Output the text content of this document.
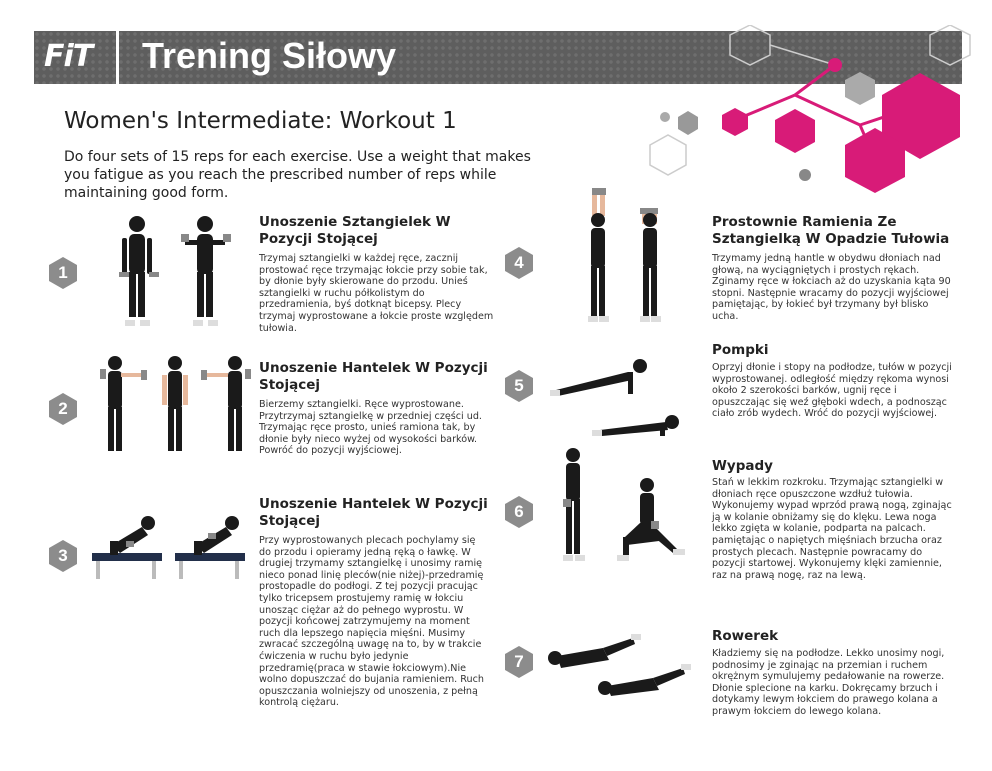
FiT Trening Siłowy
Women's Intermediate: Workout 1
Do four sets of 15 reps for each exercise. Use a weight that makes you fatigue as you reach the prescribed number of reps while maintaining good form.
1
Unoszenie Sztangielek W Pozycji Stojącej
Trzymaj sztangielki w każdej ręce, zacznij prostować ręce trzymając łokcie przy sobie tak, by dłonie były skierowane do przodu. Unieś sztangielki w ruchu półkolistym do przedramienia, byś dotknąt bicepsy. Plecy trzymaj wyprostowane a łokcie proste względem tułowia.
2
Unoszenie Hantelek W Pozycji Stojącej
Bierzemy sztangielki. Ręce wyprostowane. Przytrzymaj sztangielkę w przedniej części ud. Trzymając ręce prosto, unieś ramiona tak, by dłonie były nieco wyżej od wysokości barków. Powróć do pozycji wyjściowej.
3
Unoszenie Hantelek W Pozycji Stojącej
Przy wyprostowanych plecach pochylamy się do przodu i opieramy jedną ręką o ławkę. W drugiej trzymamy sztangielkę i unosimy ramię nieco ponad linię pleców(nie niżej)-przedramię prostopadle do podłogi. Z tej pozycji pracując tylko tricepsem prostujemy ramię w łokciu unosząc ciężar aż do pełnego wyprostu. W pozycji końcowej zatrzymujemy na moment ruch dla lepszego napięcia mięśni. Musimy zwracać szczególną uwagę na to, by w trakcie ćwiczenia w ruchu było jedynie przedramię(praca w stawie łokciowym).Nie wolno dopuszczać do bujania ramieniem. Ruch opuszczania wolniejszy od unoszenia, z pełną kontrolą ciężaru.
4
Prostownie Ramienia Ze Sztangielką W Opadzie Tułowia
Trzymamy jedną hantle w obydwu dłoniach nad głową, na wyciągniętych i prostych rękach. Zginamy ręce w łokciach aż do uzyskania kąta 90 stopni. Następnie wracamy do pozycji wyjściowej pamiętając, by łokieć był trzymany był blisko ucha.
5
Pompki
Oprzyj dłonie i stopy na podłodze, tułów w pozycji wyprostowanej. odległość między rękoma wynosi około 2 szerokości barków, ugnij ręce i opuszczając się weź głęboki wdech, a podnosząc ciało zrób wydech. Wróć do pozycji wyjściowej.
6
Wypady
Stań w lekkim rozkroku. Trzymając sztangielki w dłoniach ręce opuszczone wzdłuż tułowia. Wykonujemy wypad wprzód prawą nogą, zginając ją w kolanie obniżamy się do klęku. Lewa noga lekko zgięta w kolanie, podparta na palcach. pamiętając o napiętych mięśniach brzucha oraz prostych plecach. Następnie powracamy do pozycji startowej. Wykonujemy klęki zamiennie, raz na prawą nogę, raz na lewą.
7
Rowerek
Kładziemy się na podłodze. Lekko unosimy nogi, podnosimy je zginając na przemian i ruchem okrężnym symulujemy pedałowanie na rowerze. Dłonie splecione na karku. Dokręcamy brzuch i dotykamy lewym łokciem do prawego kolana a prawym łokciem do lewego kolana.
